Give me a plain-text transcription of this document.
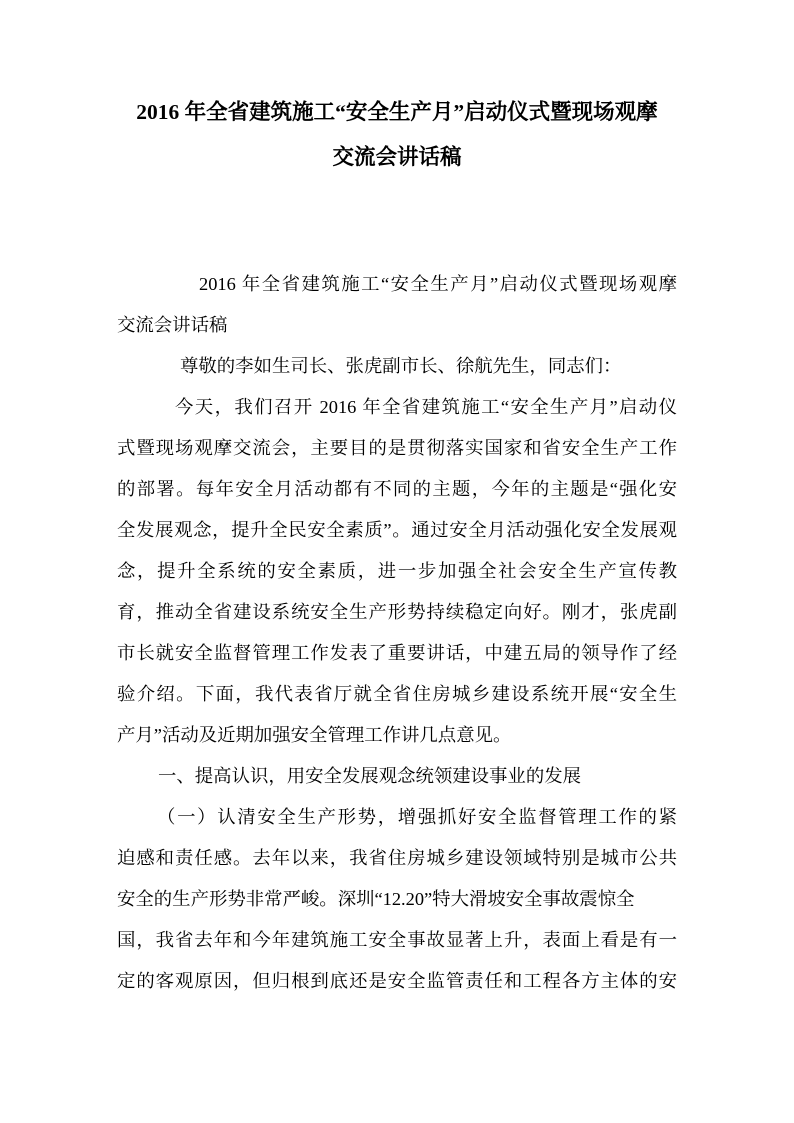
2016 年全省建筑施工“安全生产月”启动仪式暨现场观摩
交流会讲话稿
2016 年全省建筑施工“安全生产月”启动仪式暨现场观摩
交流会讲话稿
尊敬的李如生司长、张虎副市长、徐航先生，同志们：
今天，我们召开 2016 年全省建筑施工“安全生产月”启动仪
式暨现场观摩交流会，主要目的是贯彻落实国家和省安全生产工作
的部署。每年安全月活动都有不同的主题，今年的主题是“强化安
全发展观念，提升全民安全素质”。通过安全月活动强化安全发展观
念，提升全系统的安全素质，进一步加强全社会安全生产宣传教
育，推动全省建设系统安全生产形势持续稳定向好。刚才，张虎副
市长就安全监督管理工作发表了重要讲话，中建五局的领导作了经
验介绍。下面，我代表省厅就全省住房城乡建设系统开展“安全生
产月”活动及近期加强安全管理工作讲几点意见。
一、提高认识，用安全发展观念统领建设事业的发展
（一）认清安全生产形势，增强抓好安全监督管理工作的紧
迫感和责任感。去年以来，我省住房城乡建设领域特别是城市公共
安全的生产形势非常严峻。深圳“12.20”特大滑坡安全事故震惊全
国，我省去年和今年建筑施工安全事故显著上升，表面上看是有一
定的客观原因，但归根到底还是安全监管责任和工程各方主体的安
